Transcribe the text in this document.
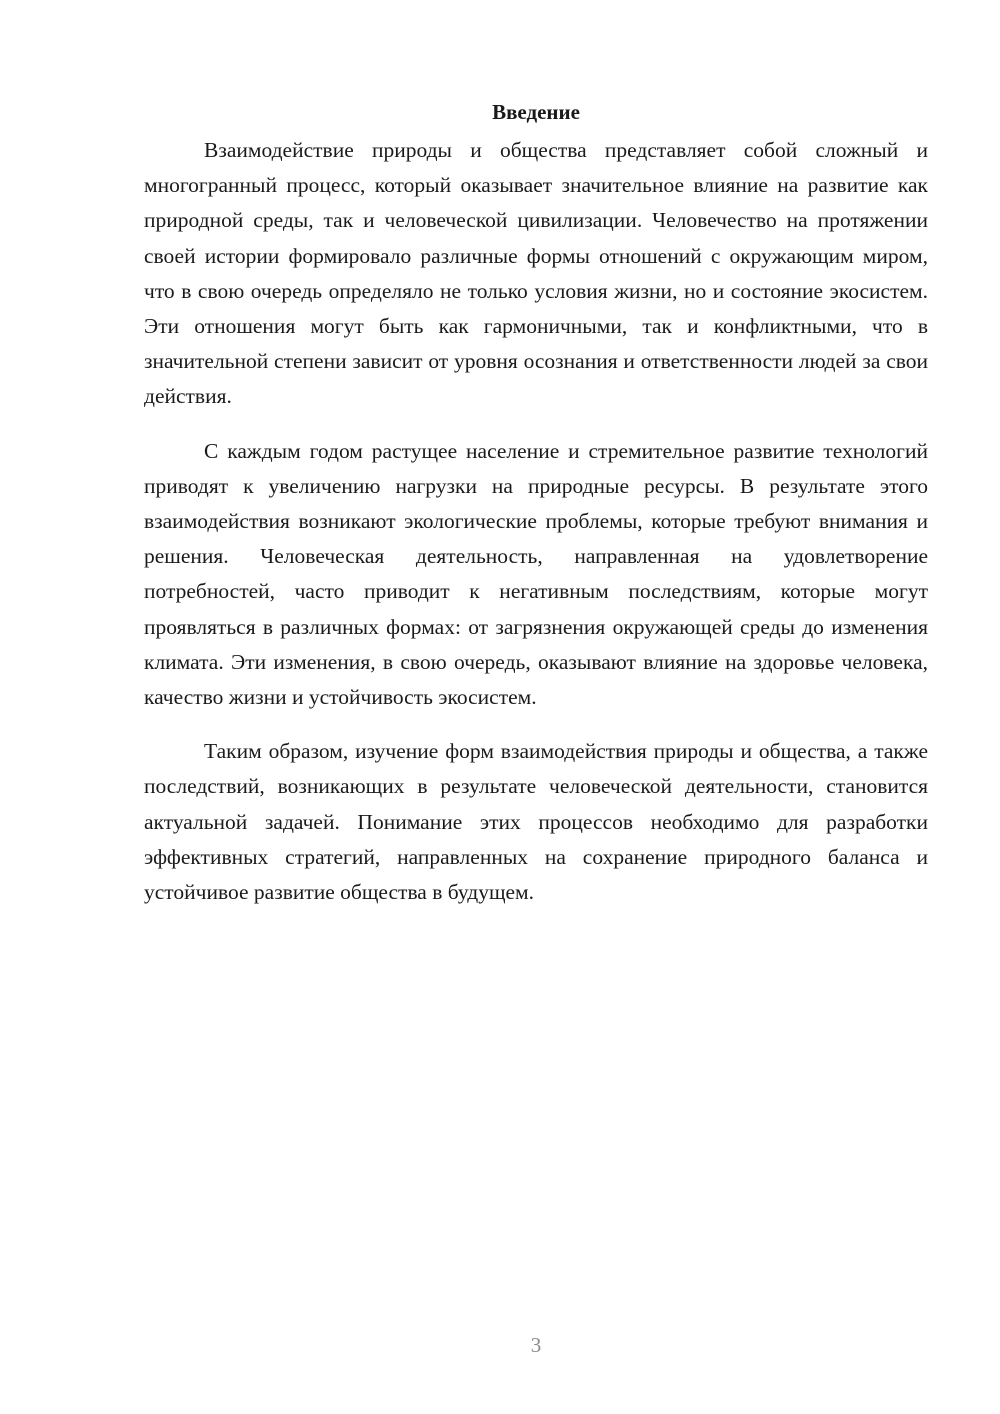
Введение

Взаимодействие природы и общества представляет собой сложный и многогранный процесс, который оказывает значительное влияние на развитие как природной среды, так и человеческой цивилизации. Человечество на протяжении своей истории формировало различные формы отношений с окружающим миром, что в свою очередь определяло не только условия жизни, но и состояние экосистем. Эти отношения могут быть как гармоничными, так и конфликтными, что в значительной степени зависит от уровня осознания и ответственности людей за свои действия.

С каждым годом растущее население и стремительное развитие технологий приводят к увеличению нагрузки на природные ресурсы. В результате этого взаимодействия возникают экологические проблемы, которые требуют внимания и решения. Человеческая деятельность, направленная на удовлетворение потребностей, часто приводит к негативным последствиям, которые могут проявляться в различных формах: от загрязнения окружающей среды до изменения климата. Эти изменения, в свою очередь, оказывают влияние на здоровье человека, качество жизни и устойчивость экосистем.

Таким образом, изучение форм взаимодействия природы и общества, а также последствий, возникающих в результате человеческой деятельности, становится актуальной задачей. Понимание этих процессов необходимо для разработки эффективных стратегий, направленных на сохранение природного баланса и устойчивое развитие общества в будущем.

3
